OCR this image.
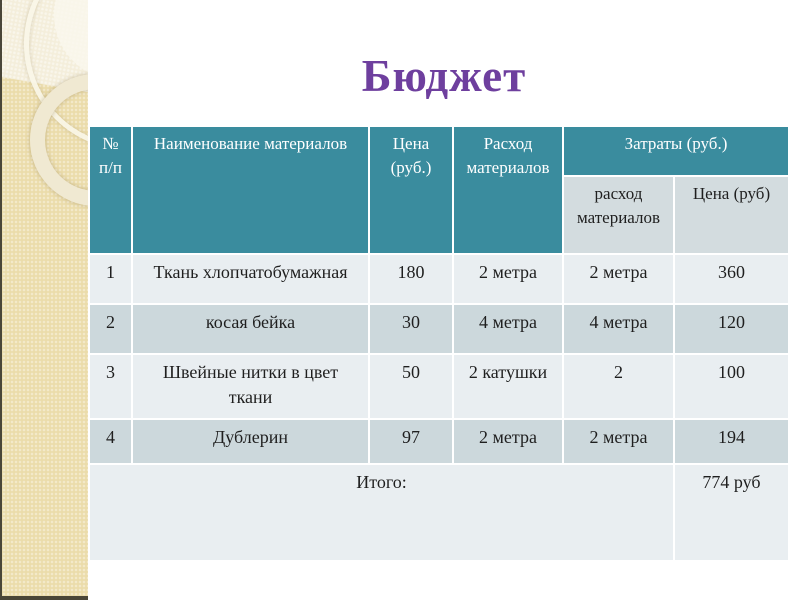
Бюджет
№ п/п	Наименование материалов	Цена (руб.)	Расход материалов	Затраты (руб.)	
				расход материалов	Цена (руб)
1	Ткань хлопчатобумажная	180	2 метра	2 метра	360
2	косая бейка	30	4 метра	4 метра	120
3	Швейные нитки в цвет ткани	50	2 катушки	2	100
4	Дублерин	97	2 метра	2 метра	194
Итого:					774 руб
